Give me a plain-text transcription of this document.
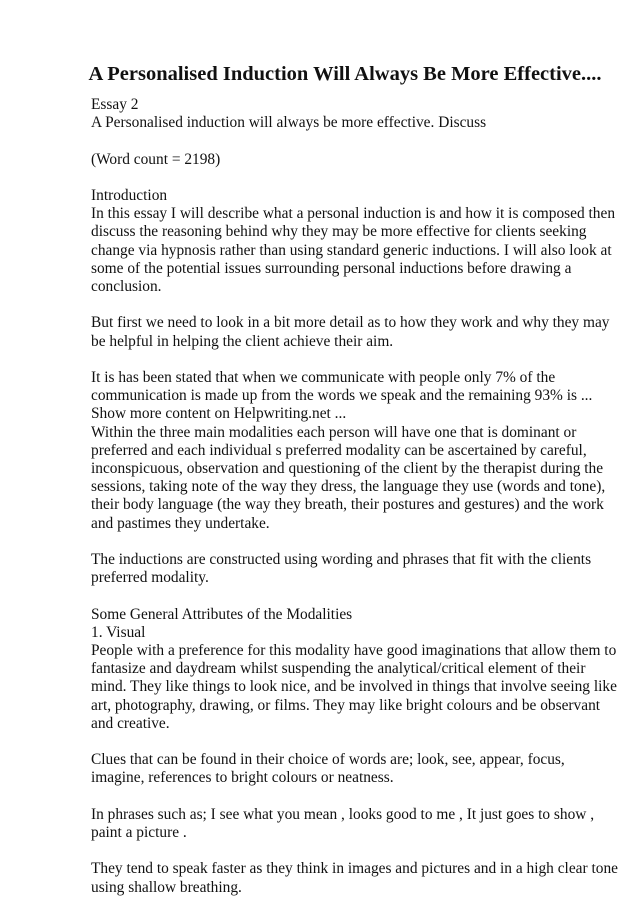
A Personalised Induction Will Always Be More Effective....

Essay 2
A Personalised induction will always be more effective. Discuss

(Word count = 2198)

Introduction
In this essay I will describe what a personal induction is and how it is composed then
discuss the reasoning behind why they may be more effective for clients seeking
change via hypnosis rather than using standard generic inductions. I will also look at
some of the potential issues surrounding personal inductions before drawing a
conclusion.

But first we need to look in a bit more detail as to how they work and why they may
be helpful in helping the client achieve their aim.

It is has been stated that when we communicate with people only 7% of the
communication is made up from the words we speak and the remaining 93% is ...
Show more content on Helpwriting.net ...
Within the three main modalities each person will have one that is dominant or
preferred and each individual s preferred modality can be ascertained by careful,
inconspicuous, observation and questioning of the client by the therapist during the
sessions, taking note of the way they dress, the language they use (words and tone),
their body language (the way they breath, their postures and gestures) and the work
and pastimes they undertake.

The inductions are constructed using wording and phrases that fit with the clients
preferred modality.

Some General Attributes of the Modalities
1. Visual
People with a preference for this modality have good imaginations that allow them to
fantasize and daydream whilst suspending the analytical/critical element of their
mind. They like things to look nice, and be involved in things that involve seeing like
art, photography, drawing, or films. They may like bright colours and be observant
and creative.

Clues that can be found in their choice of words are; look, see, appear, focus,
imagine, references to bright colours or neatness.

In phrases such as; I see what you mean , looks good to me , It just goes to show ,
paint a picture .

They tend to speak faster as they think in images and pictures and in a high clear tone
using shallow breathing.
